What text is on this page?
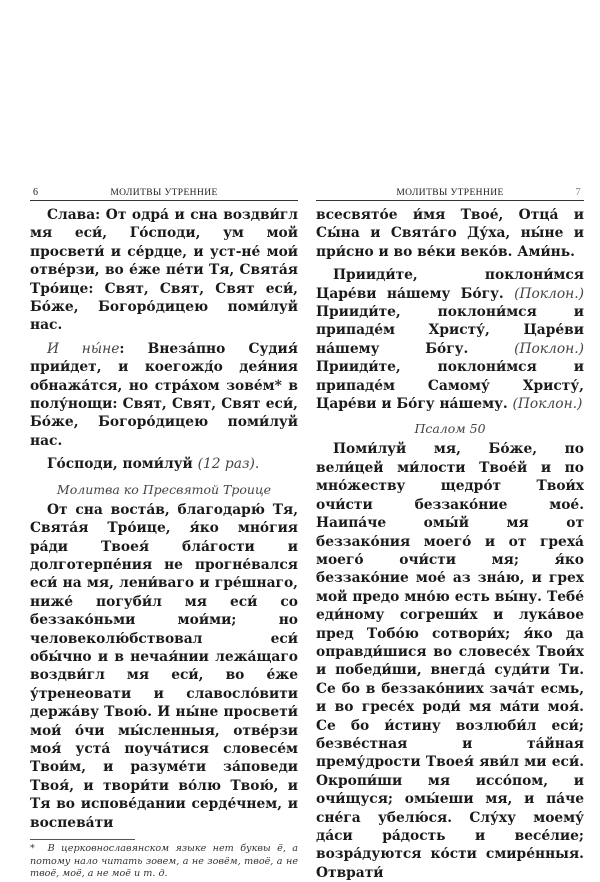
6	МОЛИТВЫ УТРЕННИЕ

Слава: От одра́ и сна воздви́гл мя еси́, Го́споди, ум мой просвети́ и се́рдце, и уст-не́ мои́ отве́рзи, во е́же пе́ти Тя, Свята́я Тро́ице: Свят, Свят, Свят еси́, Бо́же, Богоро́дицею поми́луй нас.

И ны́не: Внеза́пно Судия́ прии́дет, и коегожд́о дея́ния обнажа́тся, но стра́хом зове́м* в полу́нощи: Свят, Свят, Свят еси́, Бо́же, Богоро́дицею поми́луй нас.

Го́споди, поми́луй (12 раз).

Молитва ко Пресвятой Троице

От сна воста́в, благодарю́ Тя, Свята́я Тро́ице, я́ко мно́гия ра́ди Твоея́ бла́гости и долготерпе́ния не прогне́вался еси́ на мя, лени́ваго и гре́шнаго, ниже́ погуби́л мя еси́ со беззако́ньми мои́ми; но человеколю́бствовал еси́ обы́чно и в нечая́нии лежа́щаго воздви́гл мя еси́, во е́же у́тренеовати и славосло́вити держа́ву Твою́. И ны́не просвети́ мои́ о́чи мы́сленныя, отве́рзи моя́ уста́ поуча́тися словесе́м Твои́м, и разуме́ти за́поведи Твоя́, и твори́ти во́лю Твою́, и Тя во испове́дании серде́чнем, и воспева́ти

* В церковнославянском языке нет буквы ё, а потому нало читать зовем, а не зовём, твоё, а не твоё, моё, а не моё и т. д.
МОЛИТВЫ УТРЕННИЕ	7

всесвято́е и́мя Твое́, Отца́ и Сы́на и Свята́го Ду́ха, ны́не и при́сно и во ве́ки веко́в. Ами́нь.

Прииди́те, поклони́мся Царе́ви на́шему Бо́гу. (Поклон.) Прииди́те, поклони́мся и припаде́м Христу́, Царе́ви на́шему Бо́гу.	(Поклон.) Прииди́те, поклони́мся и припаде́м Самому́ Христу́, Царе́ви и Бо́гу на́шему. (Поклон.)

Псалом 50

Поми́луй мя, Бо́же, по вели́цей ми́лости Твое́й и по мно́жеству щедро́т Твои́х очи́сти беззако́ние мое́. Наипа́че омы́й мя от беззако́ния моего́ и от греха́ моего́ очи́сти мя; я́ко беззако́ние мое́ аз зна́ю, и грех мой предо мно́ю есть вы́ну. Тебе́ еди́ному согреши́х и лука́вое пред Тобо́ю сотвори́х; я́ко да оправди́шися во словесе́х Твои́х и победи́ши, внегда́ суди́ти Ти. Се бо в беззако́ниих зача́т есмь, и во гресе́х роди́ мя ма́ти моя́. Се бо и́стину возлюби́л еси́; безве́стная и та́йная прему́дрости Твоея́ яви́л ми еси́. Окропи́ши мя иссо́пом, и очи́щуся; омы́еши мя, и па́че сне́га убелю́ся. Слу́ху моему́ да́си ра́дость и весе́лие; возра́дуются ко́сти смире́нныя. Отврати́
